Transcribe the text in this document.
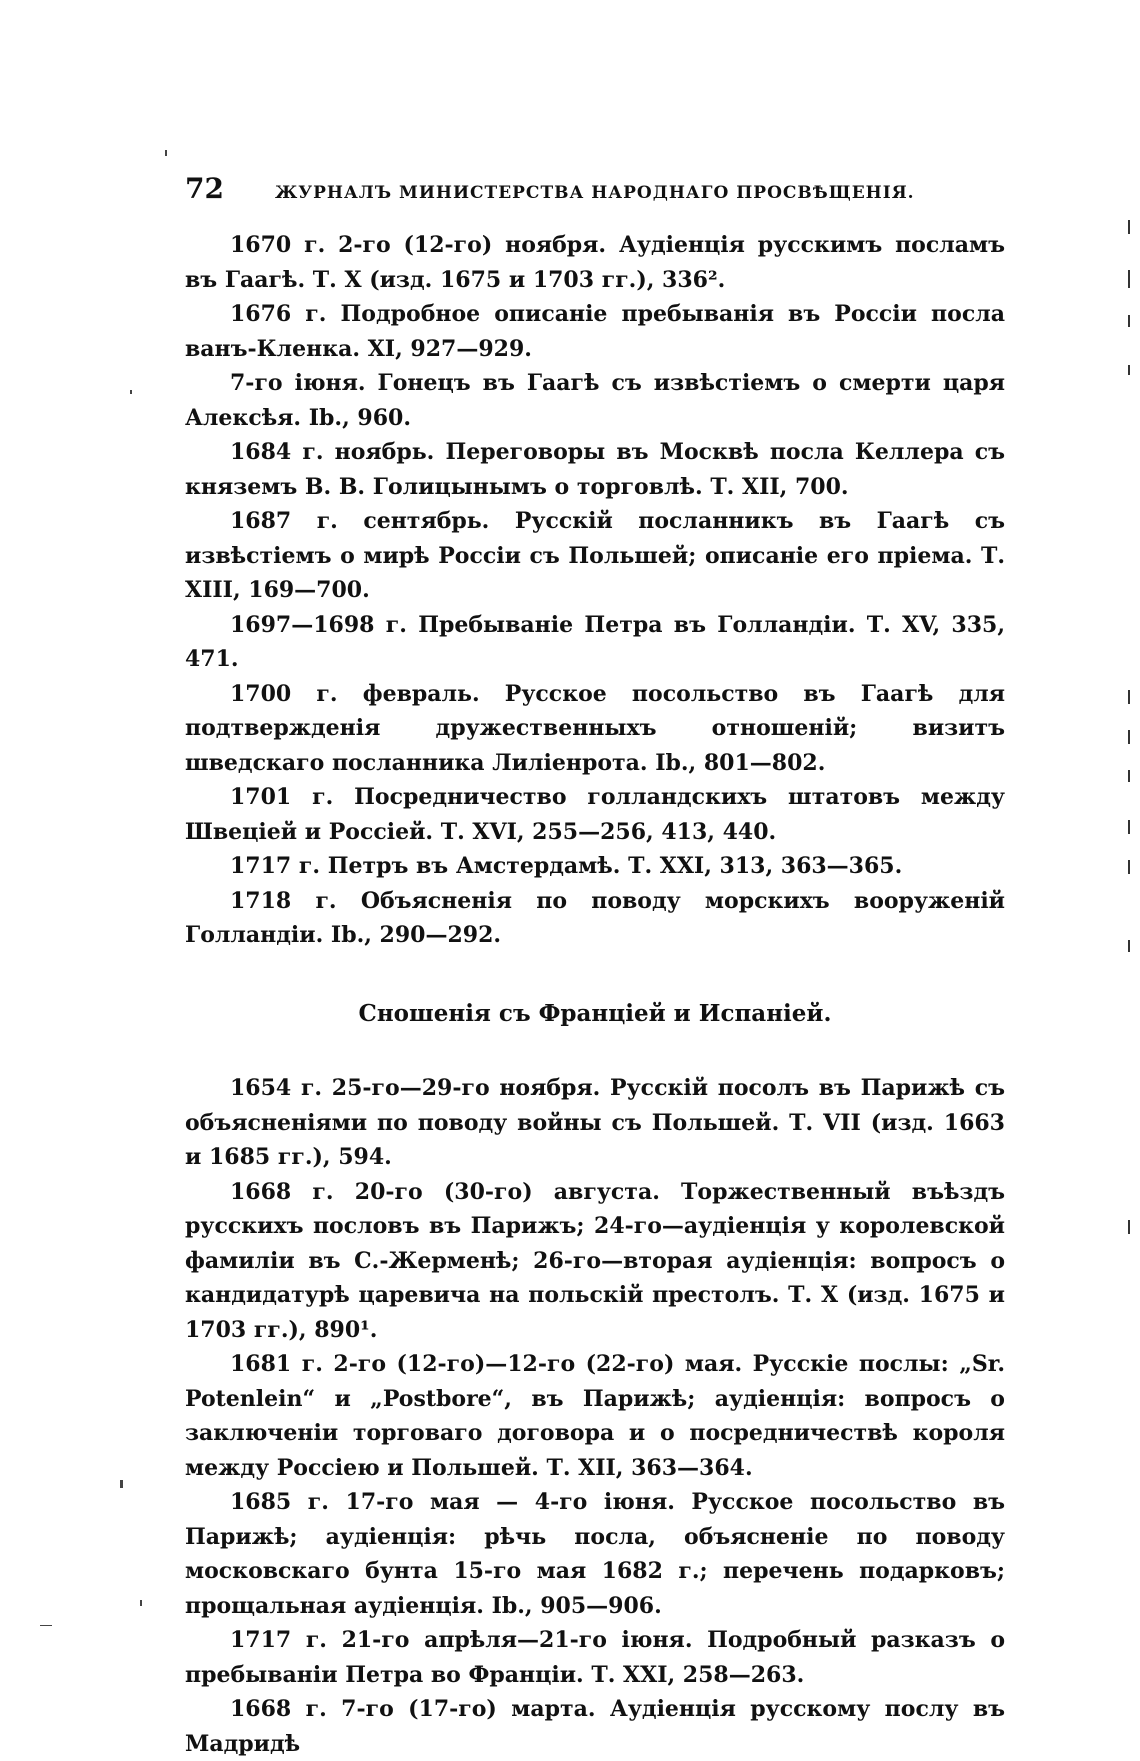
72	ЖУРНАЛЪ МИНИСТЕРСТВА НАРОДНАГО ПРОСВѢЩЕНІЯ.

1670 г. 2-го (12-го) ноября. Аудіенція русскимъ посламъ въ Гаагѣ. Т. X (изд. 1675 и 1703 гг.), 336².

1676 г. Подробное описаніе пребыванія въ Россіи посла ванъ-Кленка. XI, 927—929.

7-го іюня. Гонецъ въ Гаагѣ съ извѣстіемъ о смерти царя Алексѣя. Ib., 960.

1684 г. ноябрь. Переговоры въ Москвѣ посла Келлера съ княземъ В. В. Голицынымъ о торговлѣ. Т. XII, 700.

1687 г. сентябрь. Русскій посланникъ въ Гаагѣ съ извѣстіемъ о мирѣ Россіи съ Польшей; описаніе его пріема. Т. XIII, 169—700.

1697—1698 г. Пребываніе Петра въ Голландіи. Т. XV, 335, 471.

1700 г. февраль. Русское посольство въ Гаагѣ для подтвержденія дружественныхъ отношеній; визитъ шведскаго посланника Лиліенрота. Ib., 801—802.

1701 г. Посредничество голландскихъ штатовъ между Швеціей и Россіей. Т. XVI, 255—256, 413, 440.

1717 г. Петръ въ Амстердамѣ. Т. XXI, 313, 363—365.

1718 г. Объясненія по поводу морскихъ вооруженій Голландіи. Ib., 290—292.

Сношенія съ Франціей и Испаніей.

1654 г. 25-го—29-го ноября. Русскій посолъ въ Парижѣ съ объясненіями по поводу войны съ Польшей. Т. VII (изд. 1663 и 1685 гг.), 594.

1668 г. 20-го (30-го) августа. Торжественный въѣздъ русскихъ пословъ въ Парижъ; 24-го—аудіенція у королевской фамиліи въ С.-Жерменѣ; 26-го—вторая аудіенція: вопросъ о кандидатурѣ царевича на польскій престолъ. Т. X (изд. 1675 и 1703 гг.), 890¹.

1681 г. 2-го (12-го)—12-го (22-го) мая. Русскіе послы: „Sr. Potenlein“ и „Postbore“, въ Парижѣ; аудіенція: вопросъ о заключеніи торговаго договора и о посредничествѣ короля между Россіею и Польшей. Т. XII, 363—364.

1685 г. 17-го мая — 4-го іюня. Русское посольство въ Парижѣ; аудіенція: рѣчь посла, объясненіе по поводу московскаго бунта 15-го мая 1682 г.; перечень подарковъ; прощальная аудіенція. Ib., 905—906.

1717 г. 21-го апрѣля—21-го іюня. Подробный разказъ о пребываніи Петра во Франціи. Т. XXI, 258—263.

1668 г. 7-го (17-го) марта. Аудіенція русскому послу въ Мадридѣ
